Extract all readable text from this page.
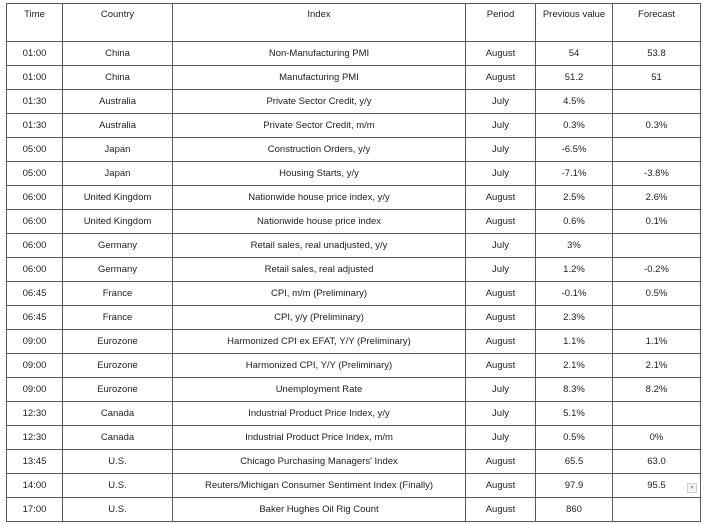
Time	Country	Index	Period	Previous value	Forecast
01:00	China	Non-Manufacturing PMI	August	54	53.8
01:00	China	Manufacturing PMI	August	51.2	51
01:30	Australia	Private Sector Credit, y/y	July	4.5%	
01:30	Australia	Private Sector Credit, m/m	July	0.3%	0.3%
05:00	Japan	Construction Orders, y/y	July	-6.5%	
05:00	Japan	Housing Starts, y/y	July	-7.1%	-3.8%
06:00	United Kingdom	Nationwide house price index, y/y	August	2.5%	2.6%
06:00	United Kingdom	Nationwide house price index	August	0.6%	0.1%
06:00	Germany	Retail sales, real unadjusted, y/y	July	3%	
06:00	Germany	Retail sales, real adjusted	July	1.2%	-0.2%
06:45	France	CPI, m/m (Preliminary)	August	-0.1%	0.5%
06:45	France	CPI, y/y (Preliminary)	August	2.3%	
09:00	Eurozone	Harmonized CPI ex EFAT, Y/Y (Preliminary)	August	1.1%	1.1%
09:00	Eurozone	Harmonized CPI, Y/Y (Preliminary)	August	2.1%	2.1%
09:00	Eurozone	Unemployment Rate	July	8.3%	8.2%
12:30	Canada	Industrial Product Price Index, y/y	July	5.1%	
12:30	Canada	Industrial Product Price Index, m/m	July	0.5%	0%
13:45	U.S.	Chicago Purchasing Managers' Index	August	65.5	63.0
14:00	U.S.	Reuters/Michigan Consumer Sentiment Index (Finally)	August	97.9	95.5
17:00	U.S.	Baker Hughes Oil Rig Count	August	860	
▾
